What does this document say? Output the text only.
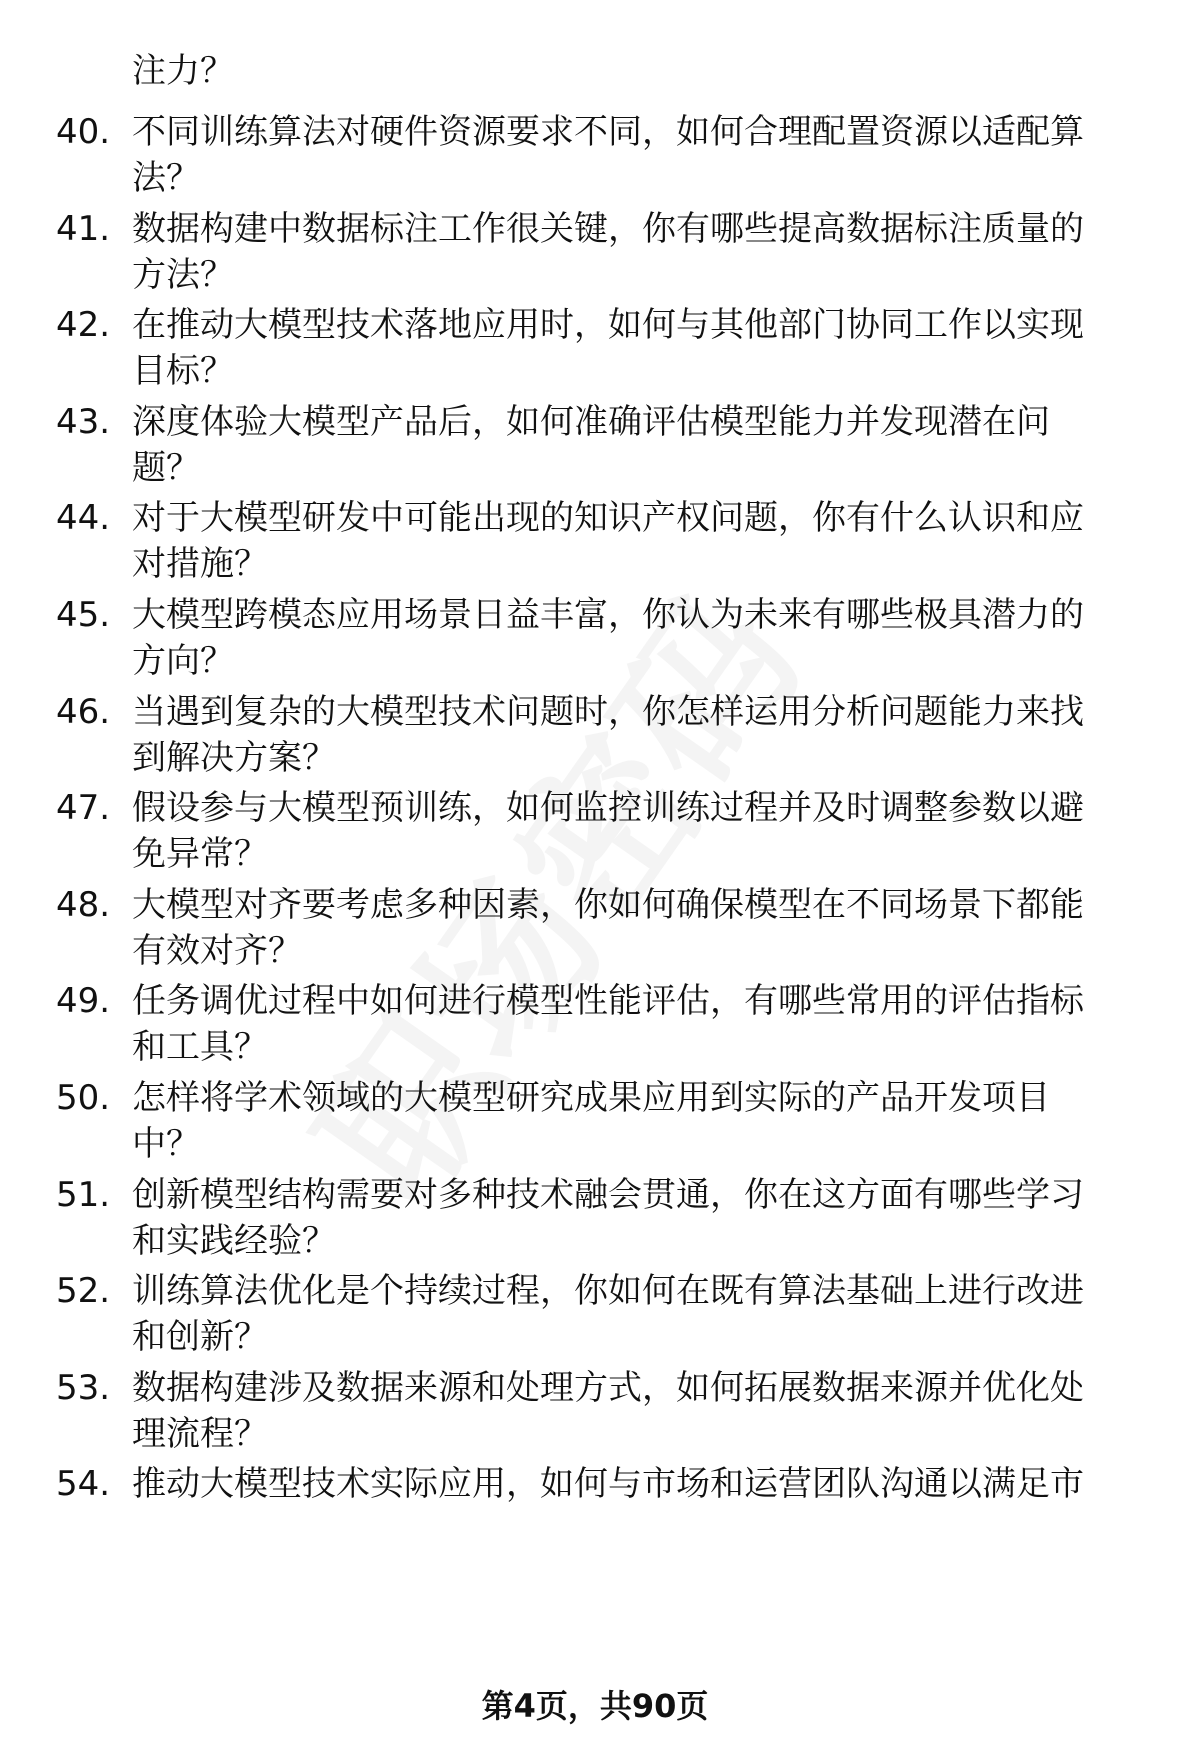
注力？
40. 不同训练算法对硬件资源要求不同，如何合理配置资源以适配算
法？
41. 数据构建中数据标注工作很关键，你有哪些提高数据标注质量的
方法？
42. 在推动大模型技术落地应用时，如何与其他部门协同工作以实现
目标？
43. 深度体验大模型产品后，如何准确评估模型能力并发现潜在问
题？
44. 对于大模型研发中可能出现的知识产权问题，你有什么认识和应
对措施？
45. 大模型跨模态应用场景日益丰富，你认为未来有哪些极具潜力的
方向？
46. 当遇到复杂的大模型技术问题时，你怎样运用分析问题能力来找
到解决方案？
47. 假设参与大模型预训练，如何监控训练过程并及时调整参数以避
免异常？
48. 大模型对齐要考虑多种因素，你如何确保模型在不同场景下都能
有效对齐？
49. 任务调优过程中如何进行模型性能评估，有哪些常用的评估指标
和工具？
50. 怎样将学术领域的大模型研究成果应用到实际的产品开发项目
中？
51. 创新模型结构需要对多种技术融会贯通，你在这方面有哪些学习
和实践经验？
52. 训练算法优化是个持续过程，你如何在既有算法基础上进行改进
和创新？
53. 数据构建涉及数据来源和处理方式，如何拓展数据来源并优化处
理流程？
54. 推动大模型技术实际应用，如何与市场和运营团队沟通以满足市
第4页，共90页
